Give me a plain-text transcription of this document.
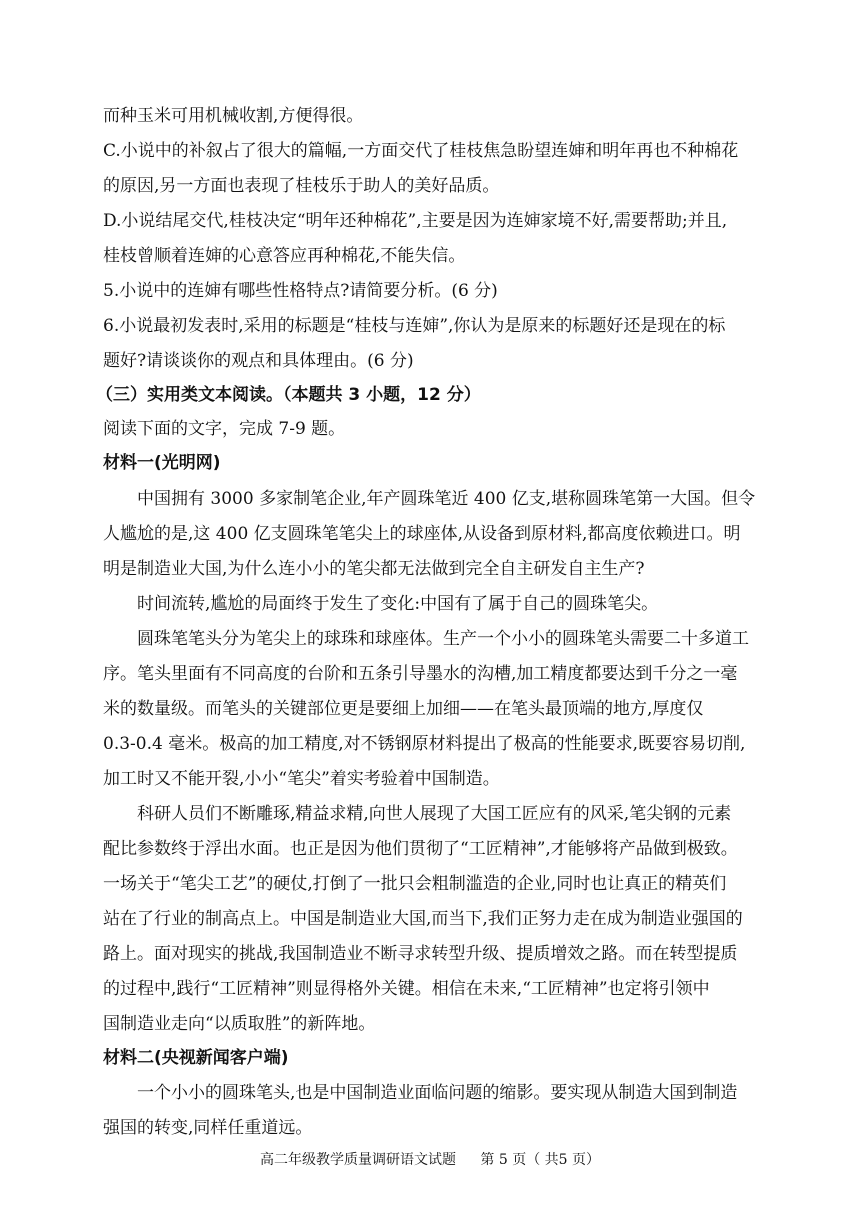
而种玉米可用机械收割,方便得很。
C.小说中的补叙占了很大的篇幅,一方面交代了桂枝焦急盼望连婶和明年再也不种棉花
的原因,另一方面也表现了桂枝乐于助人的美好品质。
D.小说结尾交代,桂枝决定“明年还种棉花”,主要是因为连婶家境不好,需要帮助;并且,
桂枝曾顺着连婶的心意答应再种棉花,不能失信。
5.小说中的连婶有哪些性格特点?请简要分析。(6 分)
6.小说最初发表时,采用的标题是“桂枝与连婶”,你认为是原来的标题好还是现在的标
题好?请谈谈你的观点和具体理由。(6 分)
（三）实用类文本阅读。（本题共 3 小题，12 分）
阅读下面的文字，完成 7-9 题。
材料一(光明网)
中国拥有 3000 多家制笔企业,年产圆珠笔近 400 亿支,堪称圆珠笔第一大国。但令
人尴尬的是,这 400 亿支圆珠笔笔尖上的球座体,从设备到原材料,都高度依赖进口。明
明是制造业大国,为什么连小小的笔尖都无法做到完全自主研发自主生产?
时间流转,尴尬的局面终于发生了变化:中国有了属于自己的圆珠笔尖。
圆珠笔笔头分为笔尖上的球珠和球座体。生产一个小小的圆珠笔头需要二十多道工
序。笔头里面有不同高度的台阶和五条引导墨水的沟槽,加工精度都要达到千分之一毫
米的数量级。而笔头的关键部位更是要细上加细——在笔头最顶端的地方,厚度仅
0.3-0.4 毫米。极高的加工精度,对不锈钢原材料提出了极高的性能要求,既要容易切削,
加工时又不能开裂,小小“笔尖”着实考验着中国制造。
科研人员们不断雕琢,精益求精,向世人展现了大国工匠应有的风采,笔尖钢的元素
配比参数终于浮出水面。也正是因为他们贯彻了“工匠精神”,才能够将产品做到极致。
一场关于“笔尖工艺”的硬仗,打倒了一批只会粗制滥造的企业,同时也让真正的精英们
站在了行业的制高点上。中国是制造业大国,而当下,我们正努力走在成为制造业强国的
路上。面对现实的挑战,我国制造业不断寻求转型升级、提质增效之路。而在转型提质
的过程中,践行“工匠精神”则显得格外关键。相信在未来,“工匠精神”也定将引领中
国制造业走向“以质取胜”的新阵地。
材料二(央视新闻客户端)
一个小小的圆珠笔头,也是中国制造业面临问题的缩影。要实现从制造大国到制造
强国的转变,同样任重道远。
高二年级教学质量调研语文试题 第 5 页（ 共5 页）
